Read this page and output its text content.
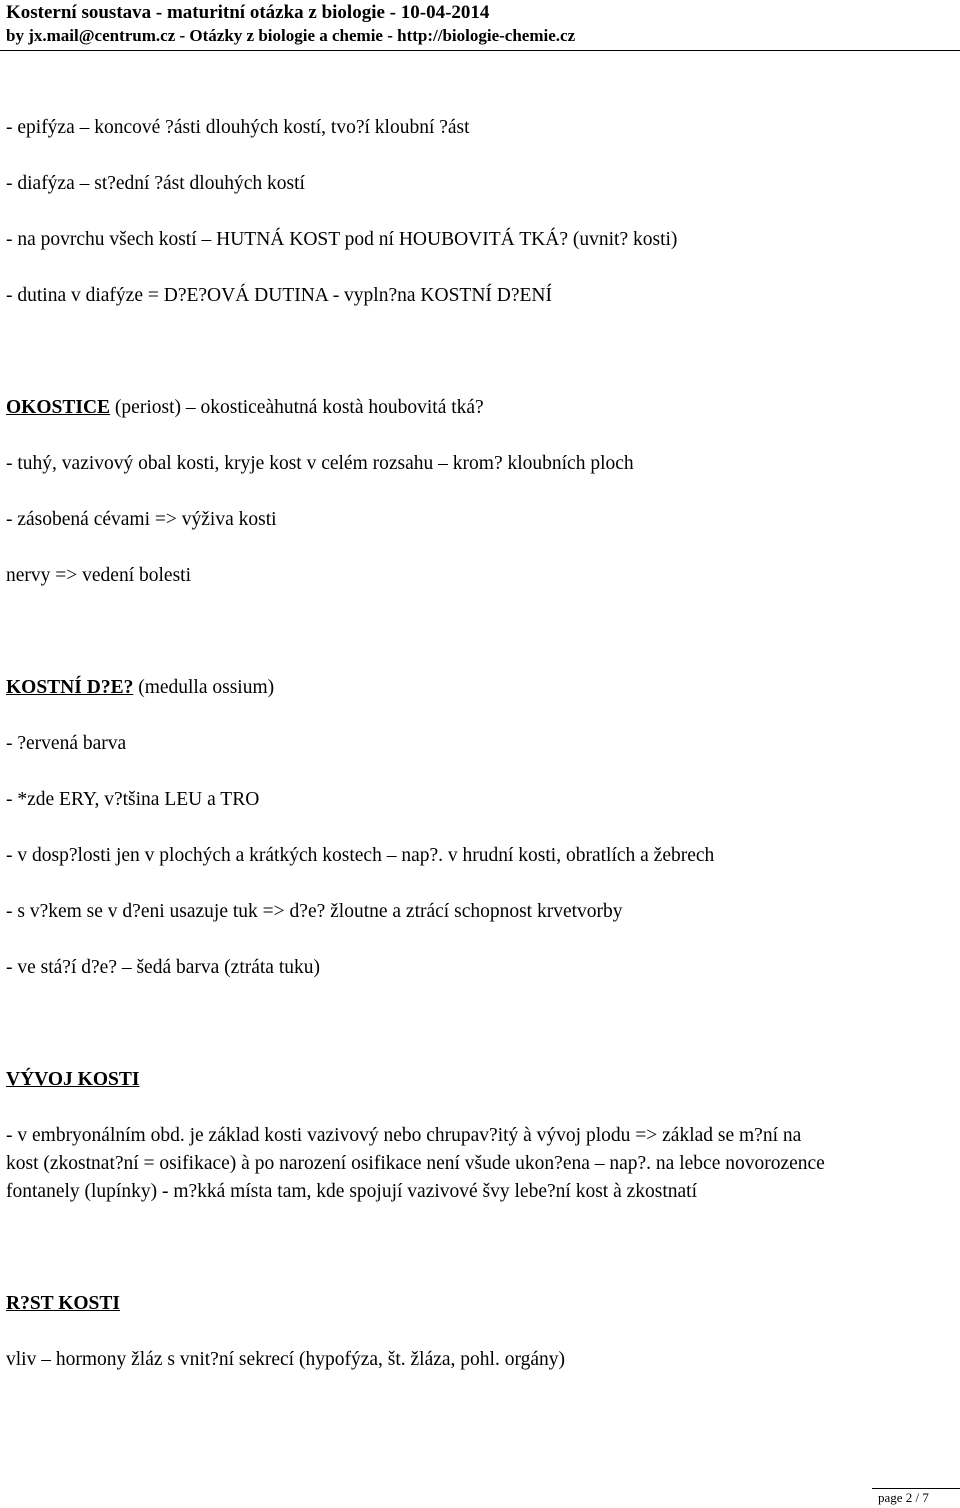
Kosterní soustava - maturitní otázka z biologie - 10-04-2014
by jx.mail@centrum.cz - Otázky z biologie a chemie - http://biologie-chemie.cz
- epifýza – koncové ?ásti dlouhých kostí, tvo?í kloubní ?ást
- diafýza – st?ední ?ást dlouhých kostí
- na povrchu všech kostí – HUTNÁ KOST pod ní HOUBOVITÁ TKÁ? (uvnit? kosti)
- dutina v diafýze = D?E?OVÁ DUTINA - vypln?na KOSTNÍ D?ENÍ
OKOSTICE (periost) – okosticeàhutná kostà houbovitá tká?
- tuhý, vazivový obal kosti, kryje kost v celém rozsahu – krom? kloubních ploch
- zásobená cévami => výživa kosti
nervy => vedení bolesti
KOSTNÍ D?E? (medulla ossium)
- ?ervená barva
- *zde ERY, v?tšina LEU a TRO
- v dosp?losti jen v plochých a krátkých kostech – nap?. v hrudní kosti, obratlích a žebrech
- s v?kem se v d?eni usazuje tuk => d?e? žloutne a ztrácí schopnost krvetvorby
- ve stá?í d?e? – šedá barva (ztráta tuku)
VÝVOJ KOSTI
- v embryonálním obd. je základ kosti vazivový nebo chrupav?itý à vývoj plodu => základ se m?ní na
kost (zkostnat?ní = osifikace) à po narození osifikace není všude ukon?ena – nap?. na lebce novorozence
fontanely (lupínky) - m?kká místa tam, kde spojují vazivové švy lebe?ní kost à zkostnatí
R?ST KOSTI
vliv – hormony žláz s vnit?ní sekrecí (hypofýza, št. žláza, pohl. orgány)
page 2 / 7
